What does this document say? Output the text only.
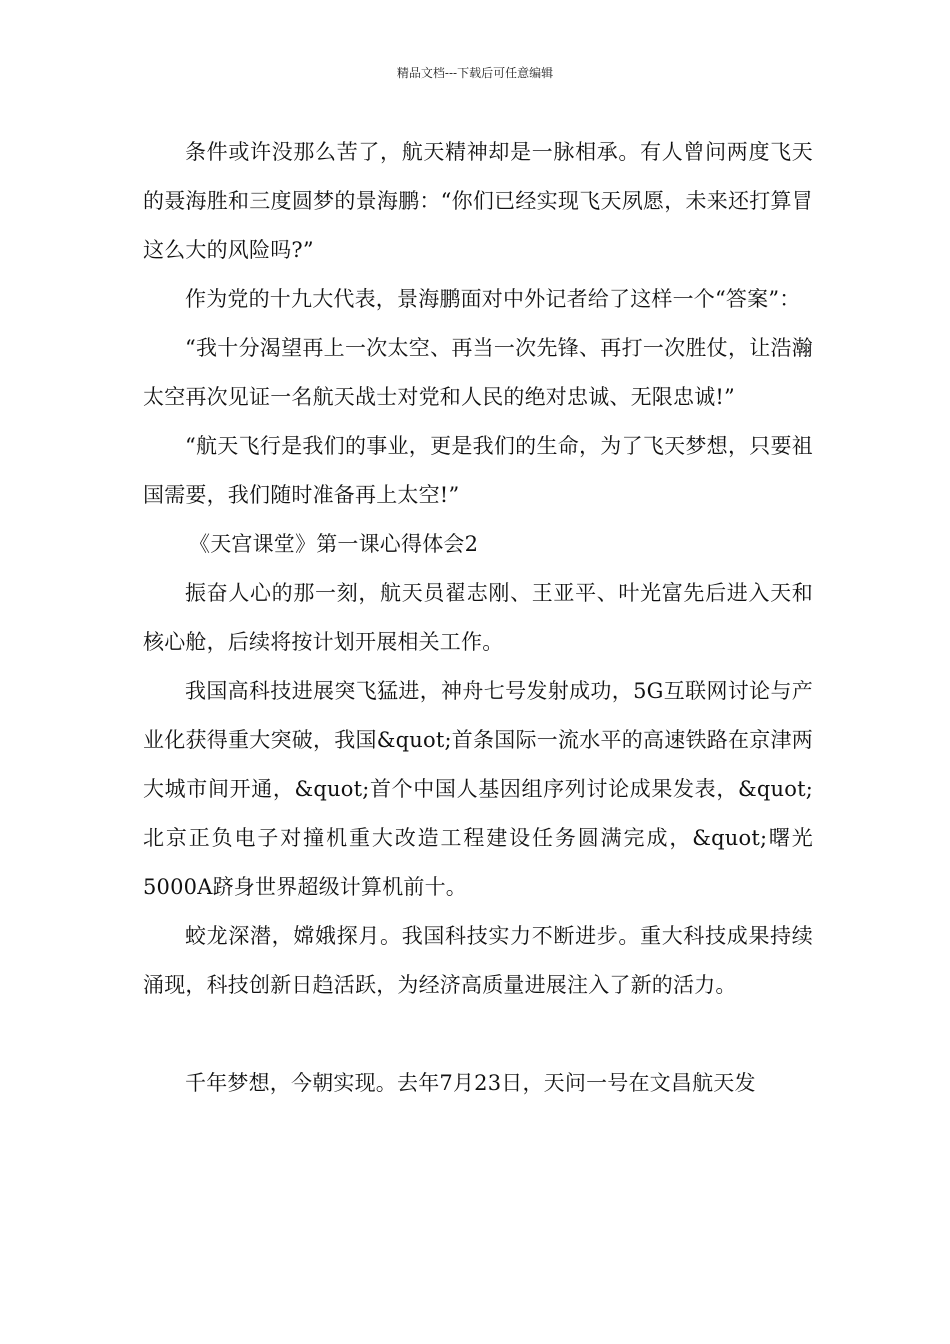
精品文档---下载后可任意编辑

条件或许没那么苦了，航天精神却是一脉相承。有人曾问两度飞天的聂海胜和三度圆梦的景海鹏：“你们已经实现飞天夙愿，未来还打算冒这么大的风险吗?”

作为党的十九大代表，景海鹏面对中外记者给了这样一个“答案”：

“我十分渴望再上一次太空、再当一次先锋、再打一次胜仗，让浩瀚太空再次见证一名航天战士对党和人民的绝对忠诚、无限忠诚!”

“航天飞行是我们的事业，更是我们的生命，为了飞天梦想，只要祖国需要，我们随时准备再上太空!”

《天宫课堂》第一课心得体会2

振奋人心的那一刻，航天员翟志刚、王亚平、叶光富先后进入天和核心舱，后续将按计划开展相关工作。

我国高科技进展突飞猛进，神舟七号发射成功，5G互联网讨论与产业化获得重大突破，我国&quot;首条国际一流水平的高速铁路在京津两大城市间开通，&quot;首个中国人基因组序列讨论成果发表，&quot;北京正负电子对撞机重大改造工程建设任务圆满完成，&quot;曙光5000A跻身世界超级计算机前十。

蛟龙深潜，嫦娥探月。我国科技实力不断进步。重大科技成果持续涌现，科技创新日趋活跃，为经济高质量进展注入了新的活力。

千年梦想，今朝实现。去年7月23日，天问一号在文昌航天发
